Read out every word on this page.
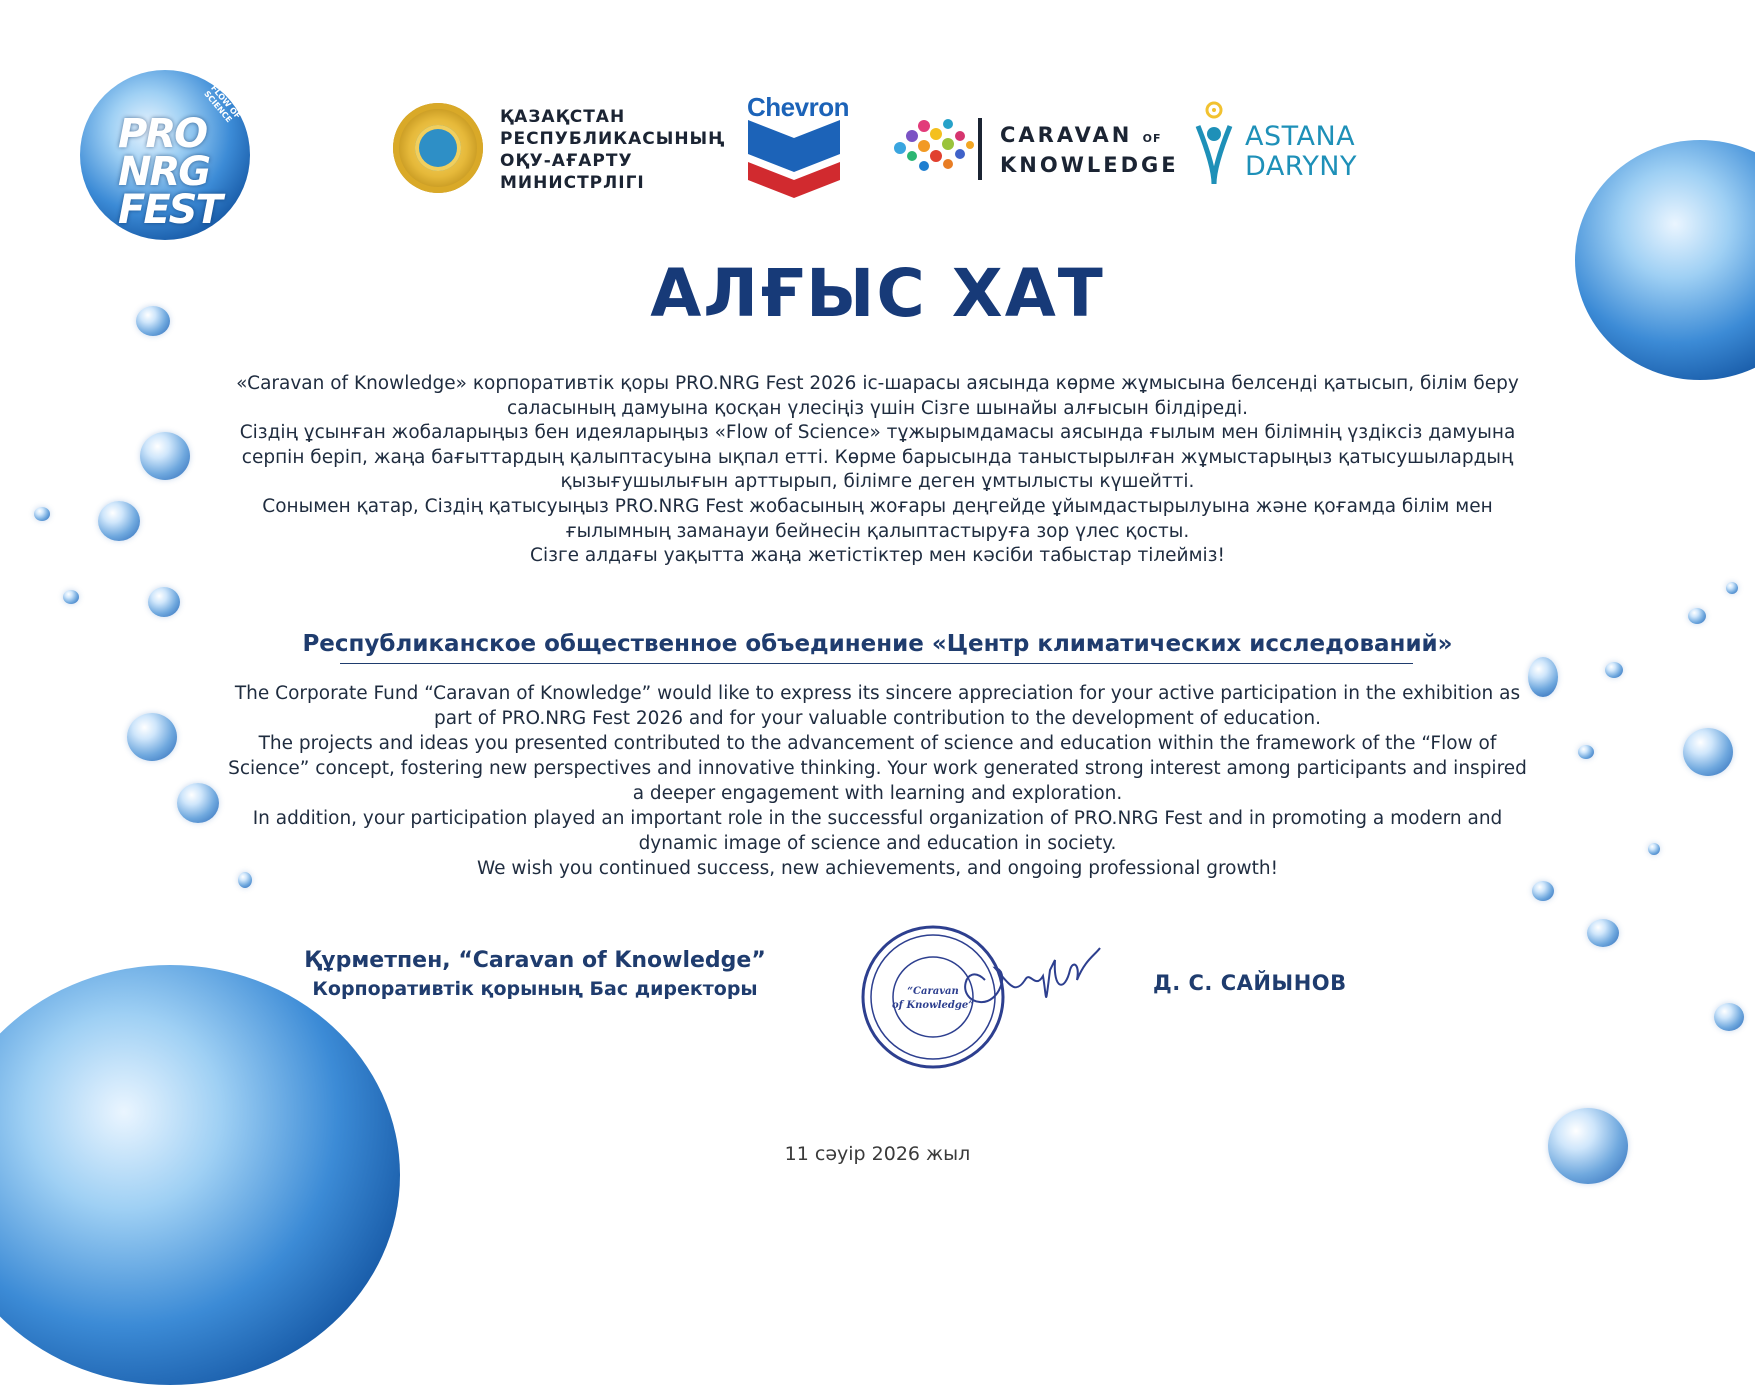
PRO
NRG
FEST
FLOW OF SCIENCE	ҚАЗАҚСТАН
РЕСПУБЛИКАСЫНЫҢ
ОҚУ-АҒАРТУ
МИНИСТРЛІГІ
Chevron
CARAVAN OF
KNOWLEDGE
ASTANA
DARYNY
АЛҒЫС ХАТ

«Caravan of Knowledge» корпоративтік қоры PRO.NRG Fest 2026 іс-шарасы аясында көрме жұмысына белсенді қатысып, білім беру саласының дамуына қосқан үлесіңіз үшін Сізге шынайы алғысын білдіреді.

Сіздің ұсынған жобаларыңыз бен идеяларыңыз «Flow of Science» тұжырымдамасы аясында ғылым мен білімнің үздіксіз дамуына серпін беріп, жаңа бағыттардың қалыптасуына ықпал етті. Көрме барысында таныстырылған жұмыстарыңыз қатысушылардың қызығушылығын арттырып, білімге деген ұмтылысты күшейтті.

Сонымен қатар, Сіздің қатысуыңыз PRO.NRG Fest жобасының жоғары деңгейде ұйымдастырылуына және қоғамда білім мен ғылымның заманауи бейнесін қалыптастыруға зор үлес қосты.

Сізге алдағы уақытта жаңа жетістіктер мен кәсіби табыстар тілейміз!

Республиканское общественное объединение «Центр климатических исследований»

The Corporate Fund “Caravan of Knowledge” would like to express its sincere appreciation for your active participation in the exhibition as part of PRO.NRG Fest 2026 and for your valuable contribution to the development of education.

The projects and ideas you presented contributed to the advancement of science and education within the framework of the “Flow of Science” concept, fostering new perspectives and innovative thinking. Your work generated strong interest among participants and inspired a deeper engagement with learning and exploration.

In addition, your participation played an important role in the successful organization of PRO.NRG Fest and in promoting a modern and dynamic image of science and education in society.

We wish you continued success, new achievements, and ongoing professional growth!

Құрметпен, “Caravan of Knowledge”
Корпоративтік қорының Бас директоры	“Caravan
of Knowledge”
Д. С. САЙЫНОВ
11 сәуір 2026 жыл
